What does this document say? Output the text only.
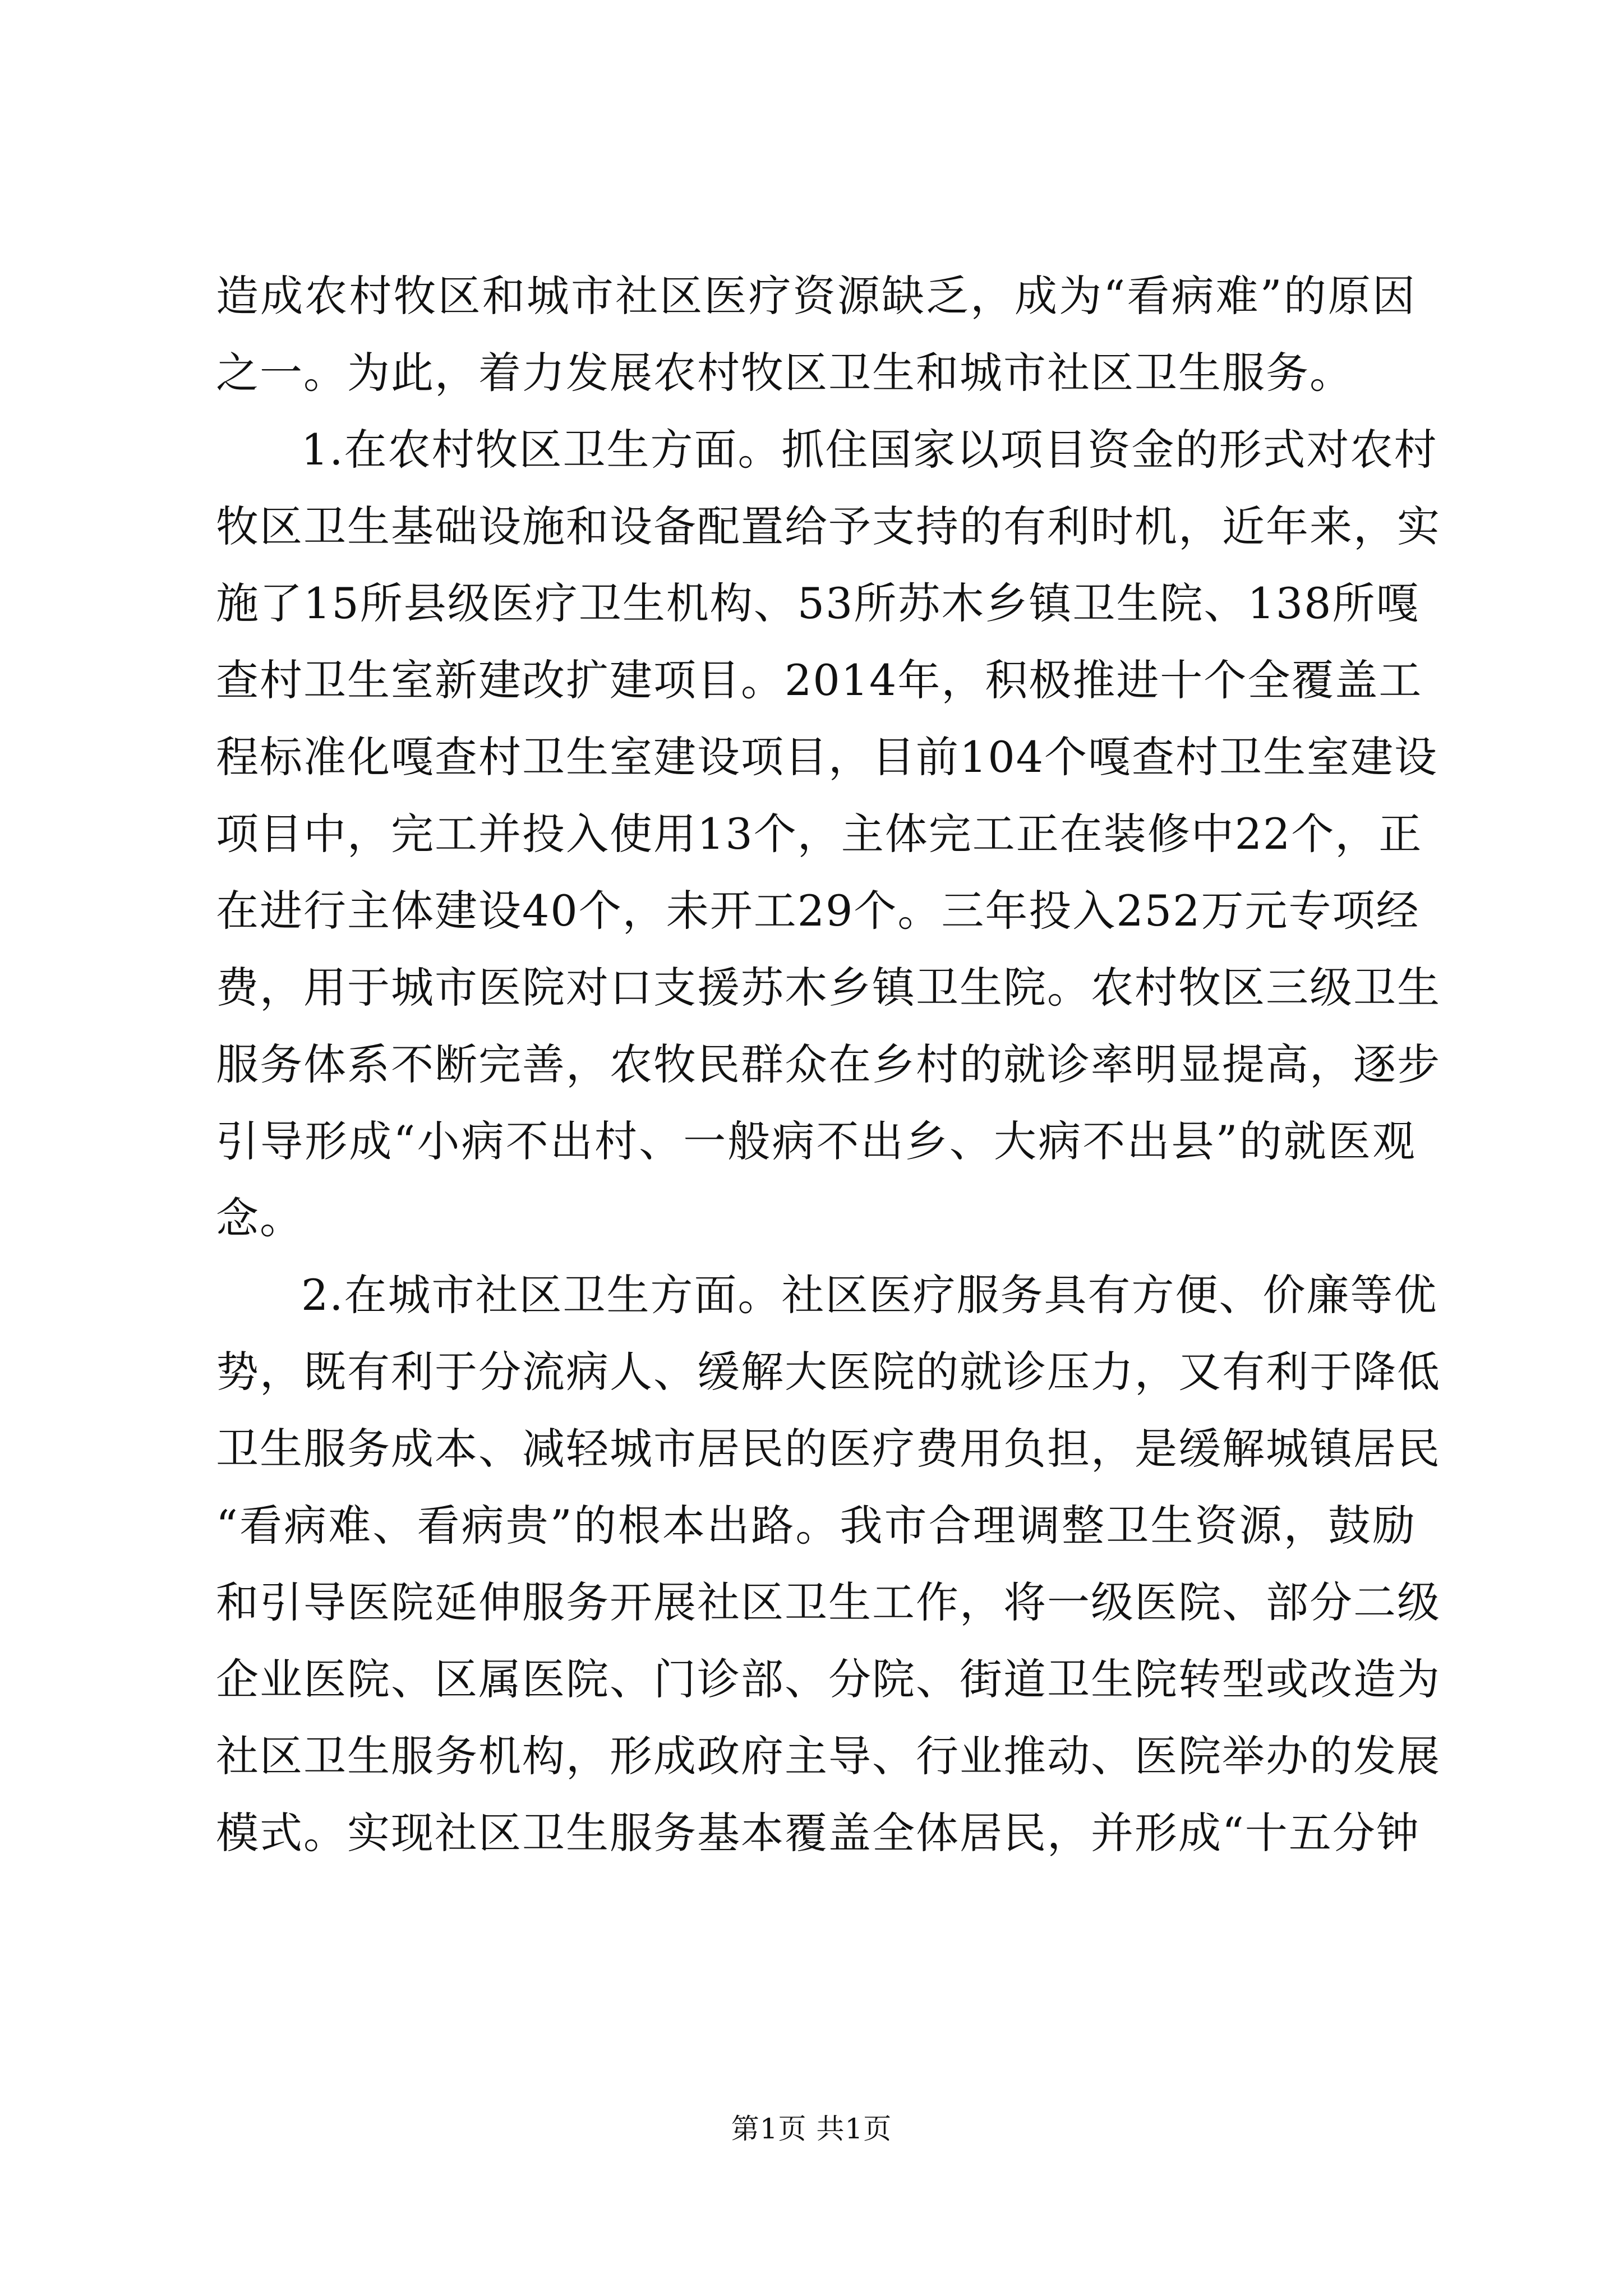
造成农村牧区和城市社区医疗资源缺乏，成为“看病难”的原因
之一。为此，着力发展农村牧区卫生和城市社区卫生服务。
1.在农村牧区卫生方面。抓住国家以项目资金的形式对农村
牧区卫生基础设施和设备配置给予支持的有利时机，近年来，实
施了15所县级医疗卫生机构、53所苏木乡镇卫生院、138所嘎
查村卫生室新建改扩建项目。2014年，积极推进十个全覆盖工
程标准化嘎查村卫生室建设项目，目前104个嘎查村卫生室建设
项目中，完工并投入使用13个，主体完工正在装修中22个，正
在进行主体建设40个，未开工29个。三年投入252万元专项经
费，用于城市医院对口支援苏木乡镇卫生院。农村牧区三级卫生
服务体系不断完善，农牧民群众在乡村的就诊率明显提高，逐步
引导形成“小病不出村、一般病不出乡、大病不出县”的就医观
念。
2.在城市社区卫生方面。社区医疗服务具有方便、价廉等优
势，既有利于分流病人、缓解大医院的就诊压力，又有利于降低
卫生服务成本、减轻城市居民的医疗费用负担，是缓解城镇居民
“看病难、看病贵”的根本出路。我市合理调整卫生资源，鼓励
和引导医院延伸服务开展社区卫生工作，将一级医院、部分二级
企业医院、区属医院、门诊部、分院、街道卫生院转型或改造为
社区卫生服务机构，形成政府主导、行业推动、医院举办的发展
模式。实现社区卫生服务基本覆盖全体居民，并形成“十五分钟
第1页 共1页
